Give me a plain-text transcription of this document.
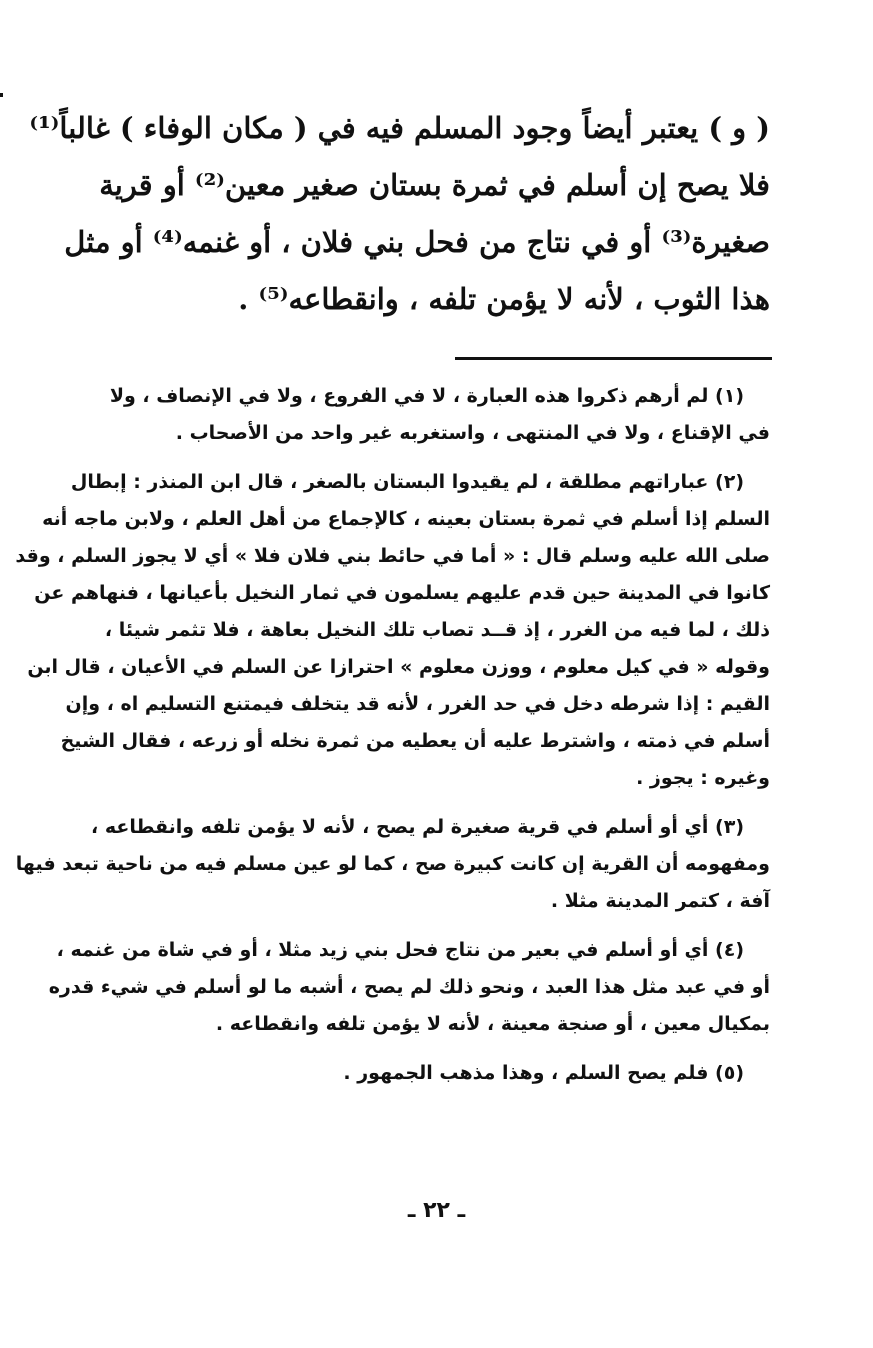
( و ) يعتبر أيضاً وجود المسلم فيه في ( مكان الوفاء ) غالباً⁽¹⁾
فلا يصح إن أسلم في ثمرة بستان صغير معين⁽²⁾ أو قرية
صغيرة⁽³⁾ أو في نتاج من فحل بني فلان ، أو غنمه⁽⁴⁾ أو مثل
هذا الثوب ، لأنه لا يؤمن تلفه ، وانقطاعه⁽⁵⁾ .
(١) لم أرهم ذكروا هذه العبارة ، لا في الفروع ، ولا في الإنصاف ، ولا
في الإقناع ، ولا في المنتهى ، واستغربه غير واحد من الأصحاب .
(٢) عباراتهم مطلقة ، لم يقيدوا البستان بالصغر ، قال ابن المنذر : إبطال
السلم إذا أسلم في ثمرة بستان بعينه ، كالإجماع من أهل العلم ، ولابن ماجه أنه
صلى الله عليه وسلم قال : « أما في حائط بني فلان فلا » أي لا يجوز السلم ، وقد
كانوا في المدينة حين قدم عليهم يسلمون في ثمار النخيل بأعيانها ، فنهاهم عن
ذلك ، لما فيه من الغرر ، إذ قــد تصاب تلك النخيل بعاهة ، فلا تثمر شيئا ،
وقوله « في كيل معلوم ، ووزن معلوم » احترازا عن السلم في الأعيان ، قال ابن
القيم : إذا شرطه دخل في حد الغرر ، لأنه قد يتخلف فيمتنع التسليم اه ، وإن
أسلم في ذمته ، واشترط عليه أن يعطيه من ثمرة نخله أو زرعه ، فقال الشيخ
وغيره : يجوز .
(٣) أي أو أسلم في قرية صغيرة لم يصح ، لأنه لا يؤمن تلفه وانقطاعه ،
ومفهومه أن القرية إن كانت كبيرة صح ، كما لو عين مسلم فيه من ناحية تبعد فيها
آفة ، كتمر المدينة مثلا .
(٤) أي أو أسلم في بعير من نتاج فحل بني زيد مثلا ، أو في شاة من غنمه ،
أو في عبد مثل هذا العبد ، ونحو ذلك لم يصح ، أشبه ما لو أسلم في شيء قدره
بمكيال معين ، أو صنجة معينة ، لأنه لا يؤمن تلفه وانقطاعه .
(٥) فلم يصح السلم ، وهذا مذهب الجمهور .
ـ ٢٢ ـ
